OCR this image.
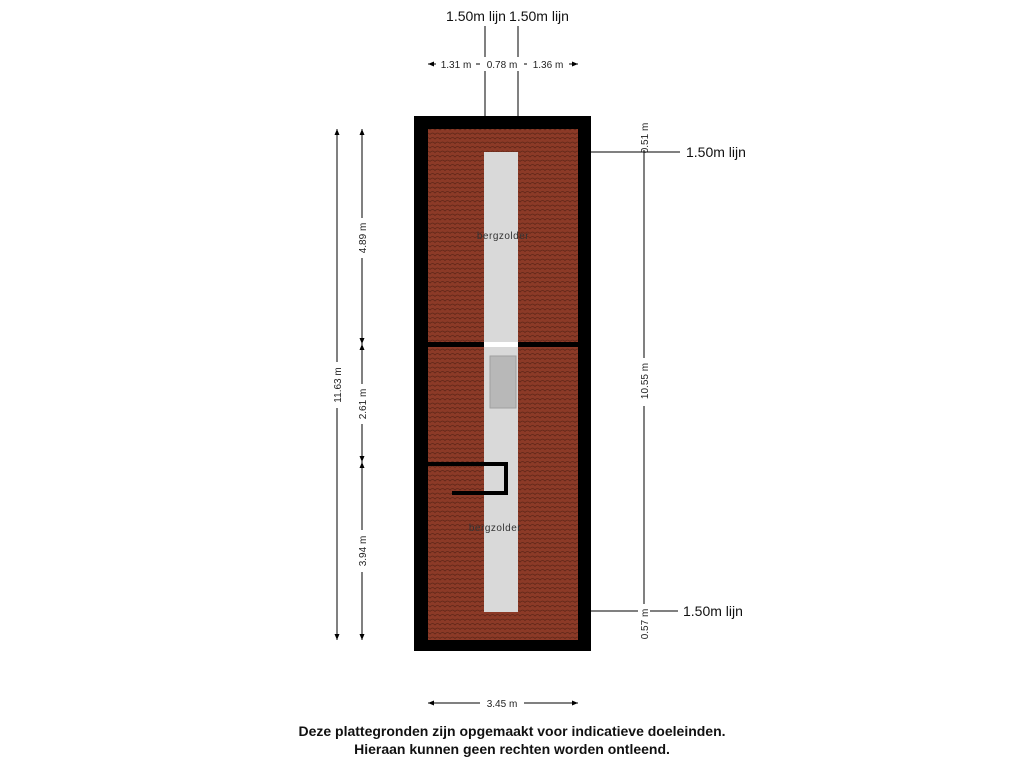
bergzolder
bergzolder
1.50m lijn 1.50m lijn
1.31 m 0.78 m 1.36 m
11.63 m
4.89 m
2.61 m
3.94 m
1.50m lijn
1.50m lijn
0.51 m
10.55 m
0.57 m
3.45 m
Deze plattegronden zijn opgemaakt voor indicatieve doeleinden.
Hieraan kunnen geen rechten worden ontleend.
